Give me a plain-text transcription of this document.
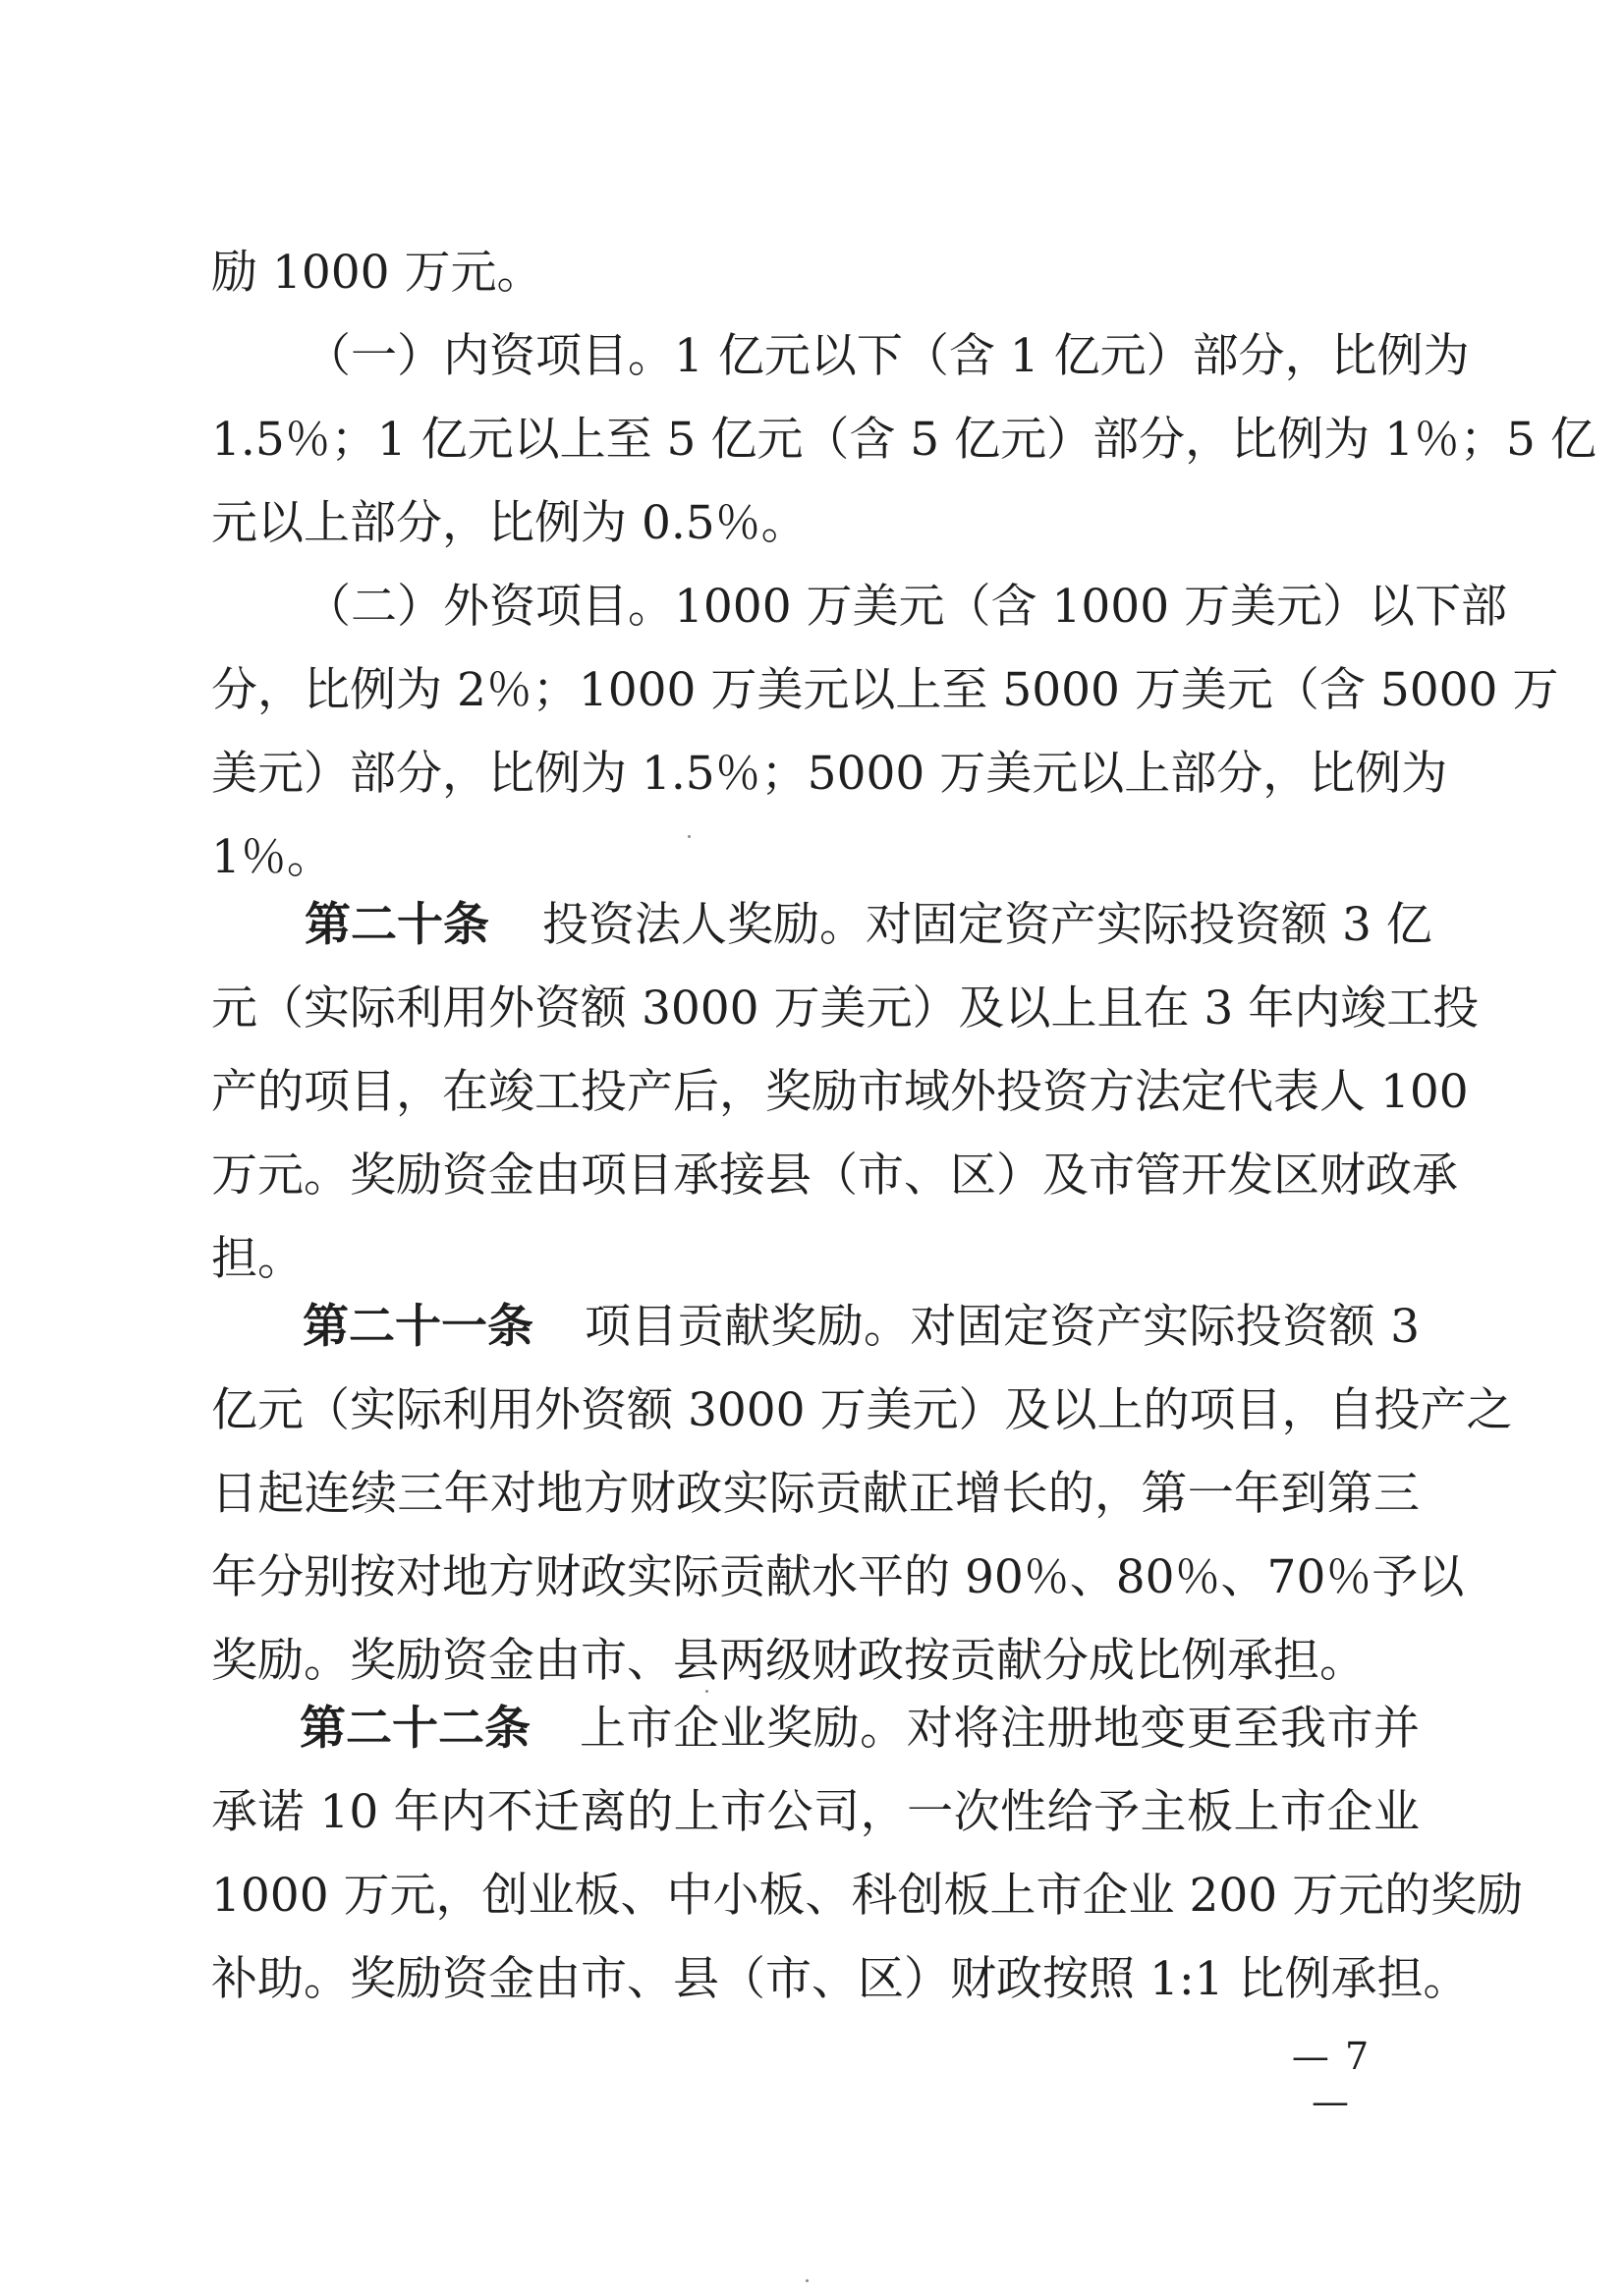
励 1000 万元。
（一）内资项目。1 亿元以下（含 1 亿元）部分，比例为
1.5％；1 亿元以上至 5 亿元（含 5 亿元）部分，比例为 1％；5 亿
元以上部分，比例为 0.5％。
（二）外资项目。1000 万美元（含 1000 万美元）以下部
分，比例为 2％；1000 万美元以上至 5000 万美元（含 5000 万
美元）部分，比例为 1.5％；5000 万美元以上部分，比例为
1％。
第二十条	投资法人奖励。对固定资产实际投资额 3 亿
元（实际利用外资额 3000 万美元）及以上且在 3 年内竣工投
产的项目，在竣工投产后，奖励市域外投资方法定代表人 100
万元。奖励资金由项目承接县（市、区）及市管开发区财政承
担。
第二十一条	项目贡献奖励。对固定资产实际投资额 3
亿元（实际利用外资额 3000 万美元）及以上的项目，自投产之
日起连续三年对地方财政实际贡献正增长的，第一年到第三
年分别按对地方财政实际贡献水平的 90％、80％、70％予以
奖励。奖励资金由市、县两级财政按贡献分成比例承担。
第二十二条	上市企业奖励。对将注册地变更至我市并
承诺 10 年内不迁离的上市公司，一次性给予主板上市企业
1000 万元，创业板、中小板、科创板上市企业 200 万元的奖励
补助。奖励资金由市、县（市、区）财政按照 1:1 比例承担。
— 7 —
